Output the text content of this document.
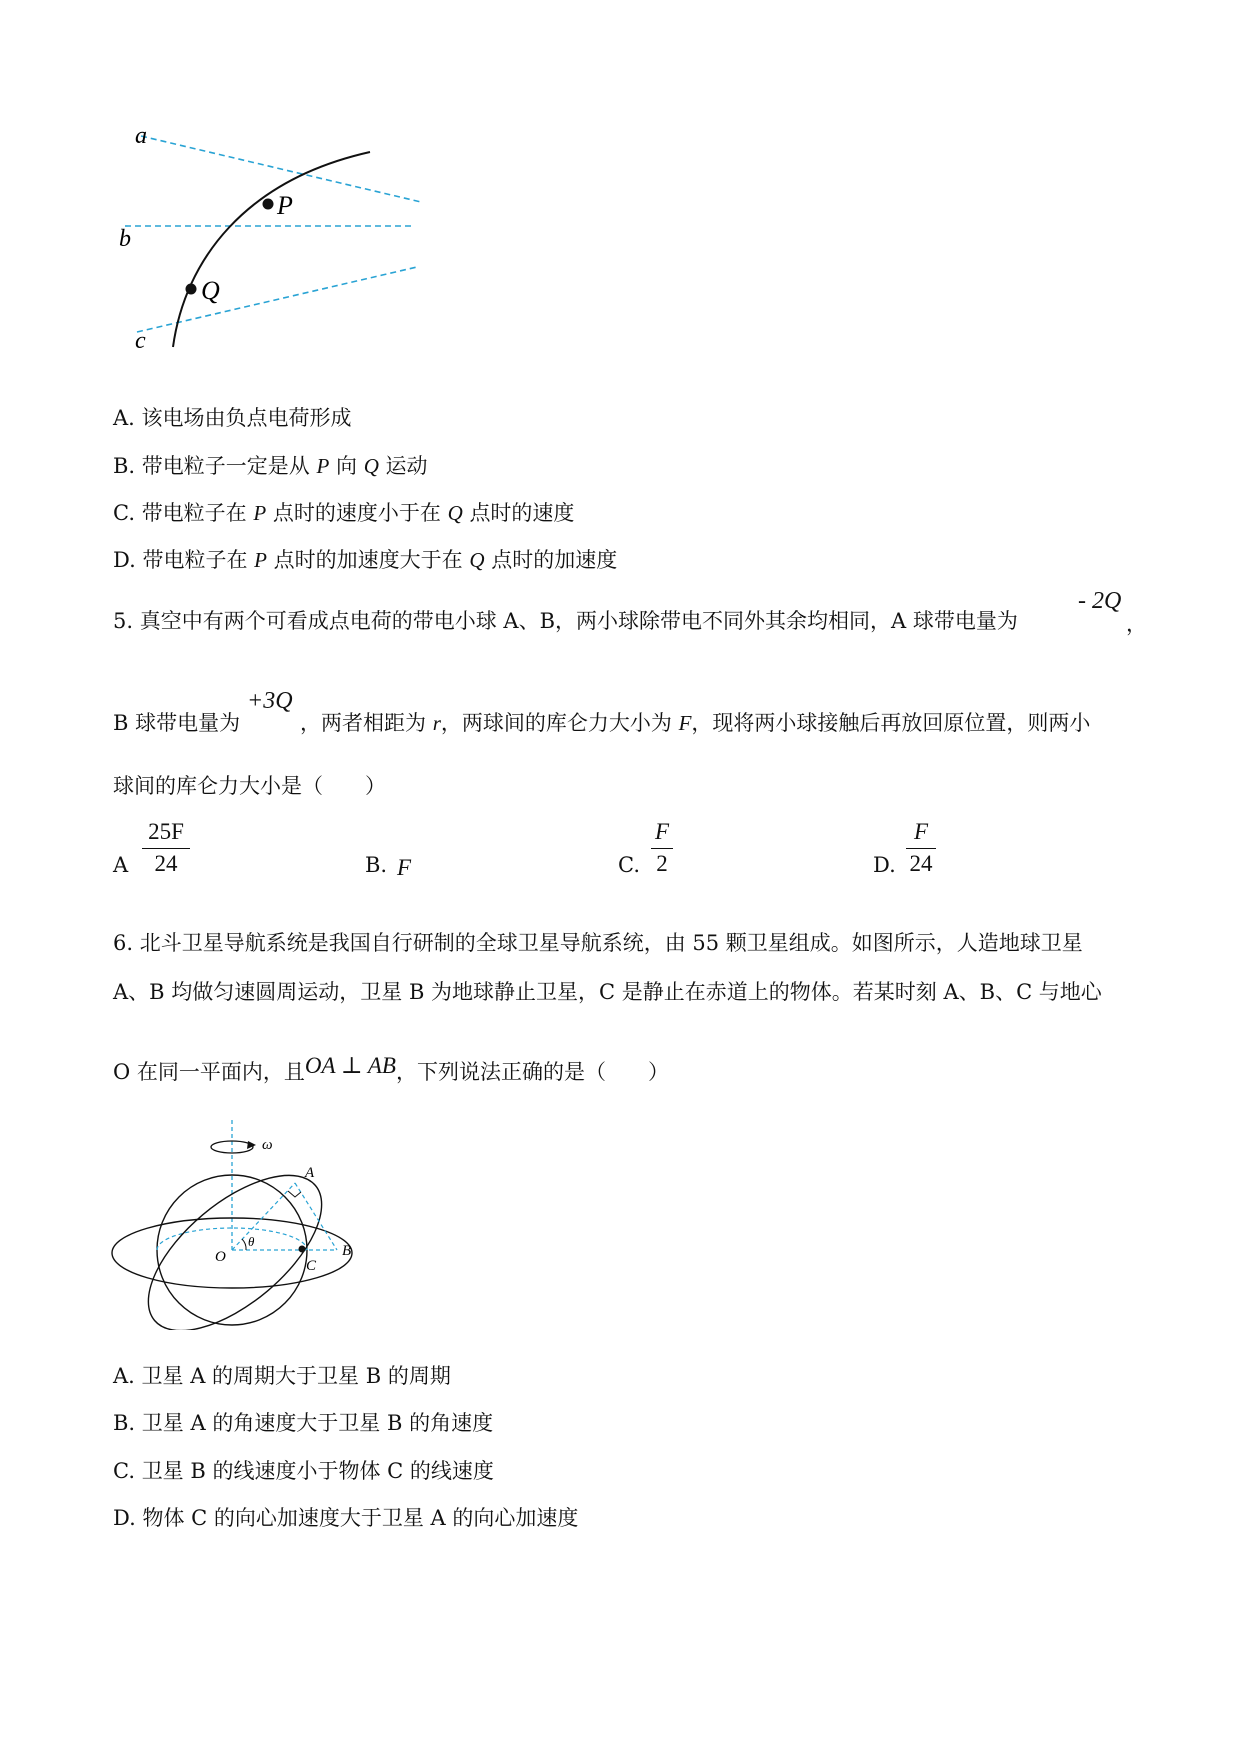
a
b
c
P
Q
A. 该电场由负点电荷形成
B. 带电粒子一定是从 P 向 Q 运动
C. 带电粒子在 P 点时的速度小于在 Q 点时的速度
D. 带电粒子在 P 点时的加速度大于在 Q 点时的加速度
5. 真空中有两个可看成点电荷的带电小球 A、B，两小球除带电不同外其余均相同，A 球带电量为
- 2Q
，
B 球带电量为
+3Q
，两者相距为 r，两球间的库仑力大小为 F，现将两小球接触后再放回原位置，则两小
球间的库仑力大小是（　　）
A
25F
24	B. F	C.
F
2	D.
F
24
6. 北斗卫星导航系统是我国自行研制的全球卫星导航系统，由 55 颗卫星组成。如图所示，人造地球卫星
A、B 均做匀速圆周运动，卫星 B 为地球静止卫星，C 是静止在赤道上的物体。若某时刻 A、B、C 与地心
O 在同一平面内，且OA ⊥ AB，下列说法正确的是（　　）
ω
θ
A
B
C
O
A. 卫星 A 的周期大于卫星 B 的周期
B. 卫星 A 的角速度大于卫星 B 的角速度
C. 卫星 B 的线速度小于物体 C 的线速度
D. 物体 C 的向心加速度大于卫星 A 的向心加速度
